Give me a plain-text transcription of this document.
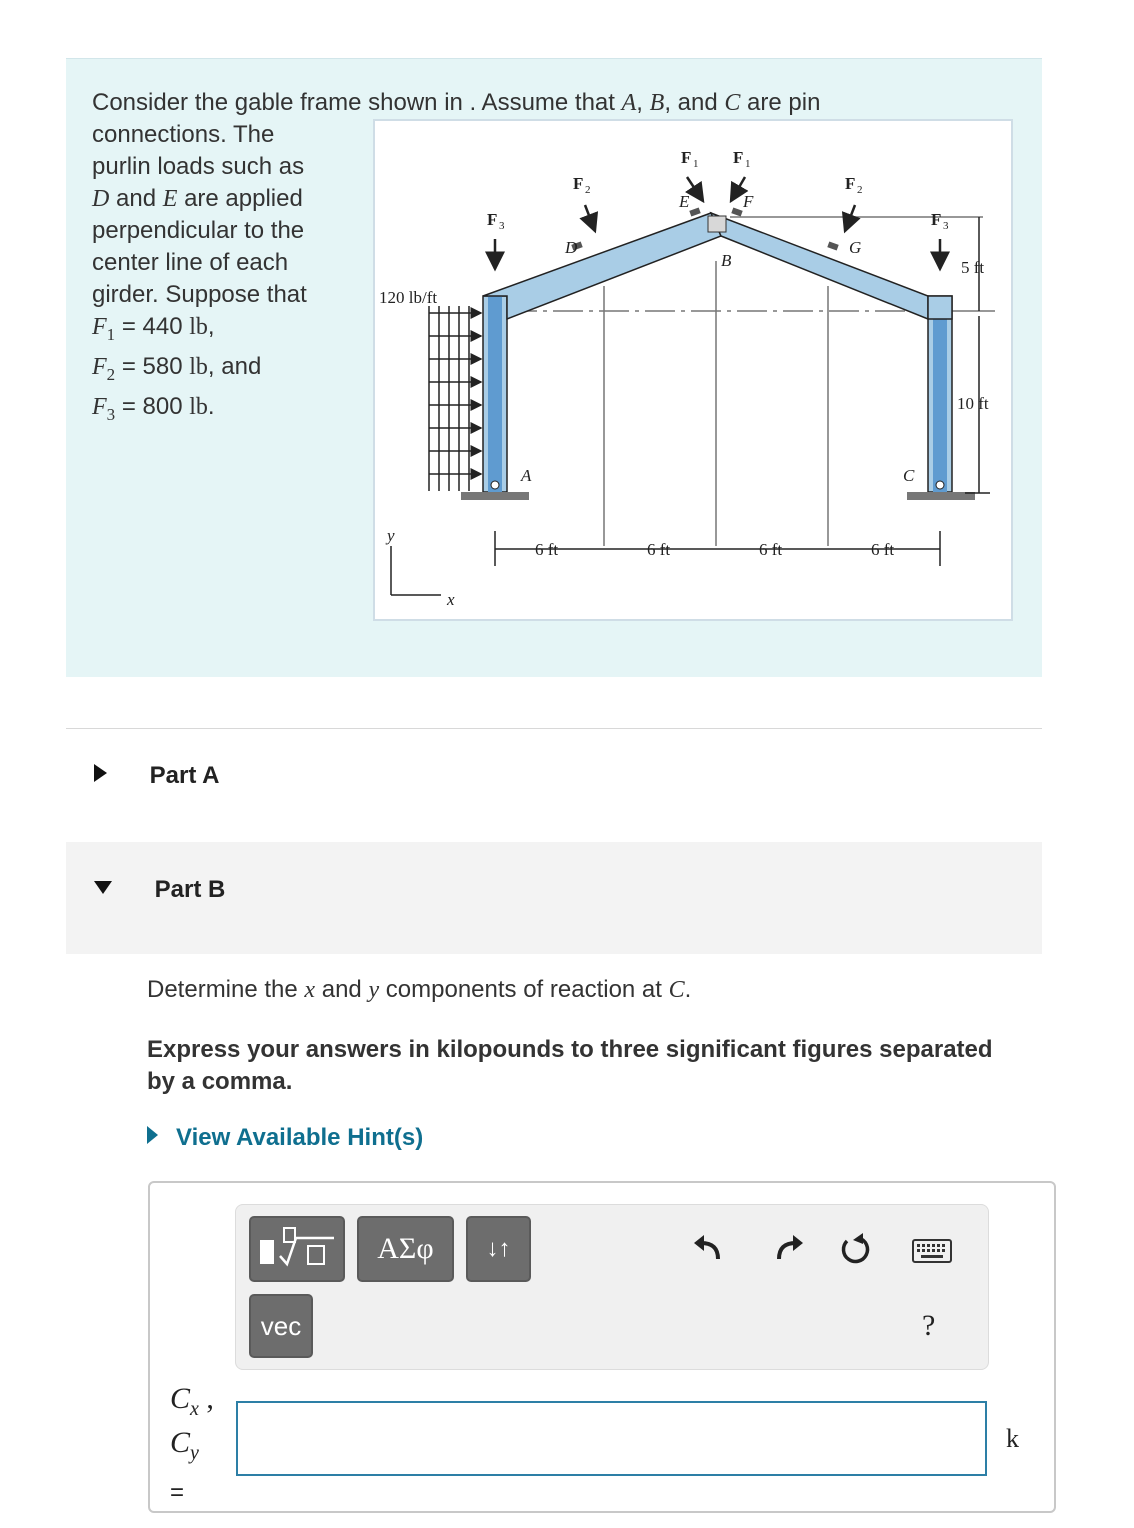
Consider the gable frame shown in . Assume that A, B, and C are pin
connections. The
purlin loads such as
D and E are applied
perpendicular to the
center line of each
girder. Suppose that
$F_1 = 440$ lb,
$F_2 = 580$ lb, and
$F_3 = 800$ lb.
120 lb/ft
F 1 F 1
F 2	F 2
F 3	F 3
A
B
C
D
E	F
G
5 ft
10 ft
6 ft	6 ft	6 ft	6 ft
y
x
Part A
Part B
Determine the x and y components of reaction at C.
Express your answers in kilopounds to three significant figures separated by a comma.
View Available Hint(s)
ΑΣφ ↓↑
vec	?
$C_x$ ,
$C_y$
=
k
